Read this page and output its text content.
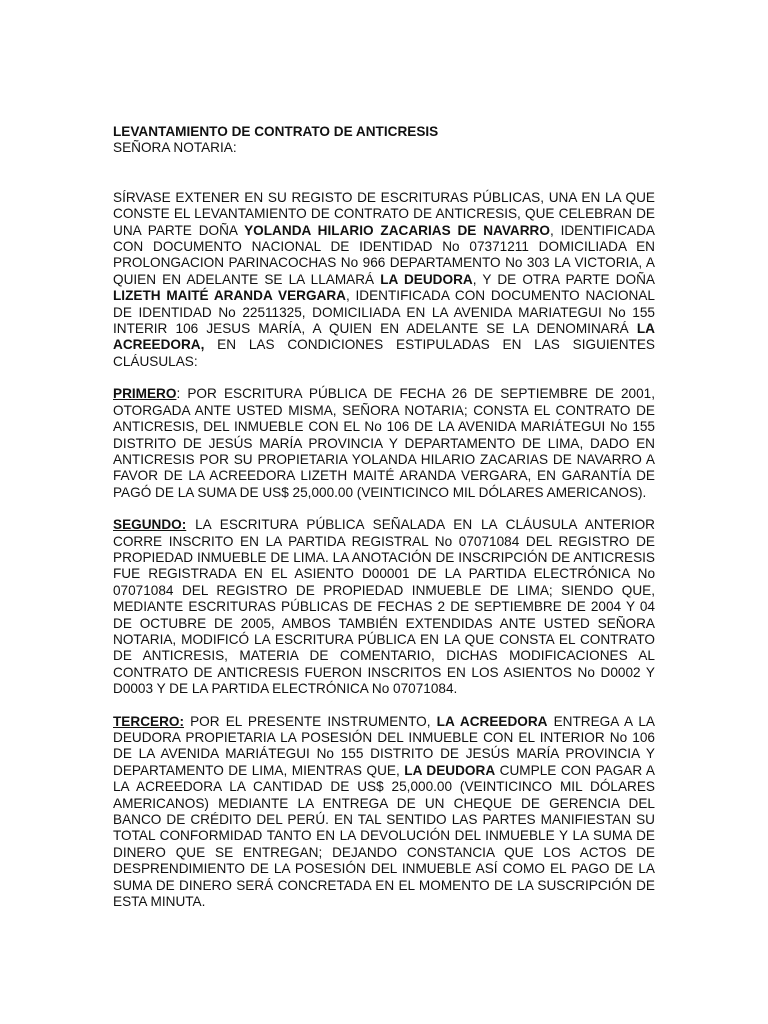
LEVANTAMIENTO DE CONTRATO DE ANTICRESIS
SEÑORA NOTARIA:

SÍRVASE EXTENER EN SU REGISTO DE ESCRITURAS PÚBLICAS, UNA EN LA QUE CONSTE EL LEVANTAMIENTO DE CONTRATO DE ANTICRESIS, QUE CELEBRAN DE UNA PARTE DOÑA YOLANDA HILARIO ZACARIAS DE NAVARRO, IDENTIFICADA CON DOCUMENTO NACIONAL DE IDENTIDAD No 07371211 DOMICILIADA EN PROLONGACION PARINACOCHAS No 966 DEPARTAMENTO No 303 LA VICTORIA, A QUIEN EN ADELANTE SE LA LLAMARÁ LA DEUDORA, Y DE OTRA PARTE DOÑA LIZETH MAITÉ ARANDA VERGARA, IDENTIFICADA CON DOCUMENTO NACIONAL DE IDENTIDAD No 22511325, DOMICILIADA EN LA AVENIDA MARIATEGUI No 155 INTERIR 106 JESUS MARÍA, A QUIEN EN ADELANTE SE LA DENOMINARÁ LA ACREEDORA, EN LAS CONDICIONES ESTIPULADAS EN LAS SIGUIENTES CLÁUSULAS:

PRIMERO: POR ESCRITURA PÚBLICA DE FECHA 26 DE SEPTIEMBRE DE 2001, OTORGADA ANTE USTED MISMA, SEÑORA NOTARIA; CONSTA EL CONTRATO DE ANTICRESIS, DEL INMUEBLE CON EL No 106 DE LA AVENIDA MARIÁTEGUI No 155 DISTRITO DE JESÚS MARÍA PROVINCIA Y DEPARTAMENTO DE LIMA, DADO EN ANTICRESIS POR SU PROPIETARIA YOLANDA HILARIO ZACARIAS DE NAVARRO A FAVOR DE LA ACREEDORA LIZETH MAITÉ ARANDA VERGARA, EN GARANTÍA DE PAGÓ DE LA SUMA DE US$ 25,000.00 (VEINTICINCO MIL DÓLARES AMERICANOS).

SEGUNDO: LA ESCRITURA PÚBLICA SEÑALADA EN LA CLÁUSULA ANTERIOR CORRE INSCRITO EN LA PARTIDA REGISTRAL No 07071084 DEL REGISTRO DE PROPIEDAD INMUEBLE DE LIMA. LA ANOTACIÓN DE INSCRIPCIÓN DE ANTICRESIS FUE REGISTRADA EN EL ASIENTO D00001 DE LA PARTIDA ELECTRÓNICA No 07071084 DEL REGISTRO DE PROPIEDAD INMUEBLE DE LIMA; SIENDO QUE, MEDIANTE ESCRITURAS PÚBLICAS DE FECHAS 2 DE SEPTIEMBRE DE 2004 Y 04 DE OCTUBRE DE 2005, AMBOS TAMBIÉN EXTENDIDAS ANTE USTED SEÑORA NOTARIA, MODIFICÓ LA ESCRITURA PÚBLICA EN LA QUE CONSTA EL CONTRATO DE ANTICRESIS, MATERIA DE COMENTARIO, DICHAS MODIFICACIONES AL CONTRATO DE ANTICRESIS FUERON INSCRITOS EN LOS ASIENTOS No D0002 Y D0003 Y DE LA PARTIDA ELECTRÓNICA No 07071084.

TERCERO: POR EL PRESENTE INSTRUMENTO, LA ACREEDORA ENTREGA A LA DEUDORA PROPIETARIA LA POSESIÓN DEL INMUEBLE CON EL INTERIOR No 106 DE LA AVENIDA MARIÁTEGUI No 155 DISTRITO DE JESÚS MARÍA PROVINCIA Y DEPARTAMENTO DE LIMA, MIENTRAS QUE, LA DEUDORA CUMPLE CON PAGAR A LA ACREEDORA LA CANTIDAD DE US$ 25,000.00 (VEINTICINCO MIL DÓLARES AMERICANOS) MEDIANTE LA ENTREGA DE UN CHEQUE DE GERENCIA DEL BANCO DE CRÉDITO DEL PERÚ. EN TAL SENTIDO LAS PARTES MANIFIESTAN SU TOTAL CONFORMIDAD TANTO EN LA DEVOLUCIÓN DEL INMUEBLE Y LA SUMA DE DINERO QUE SE ENTREGAN; DEJANDO CONSTANCIA QUE LOS ACTOS DE DESPRENDIMIENTO DE LA POSESIÓN DEL INMUEBLE ASÍ COMO EL PAGO DE LA SUMA DE DINERO SERÁ CONCRETADA EN EL MOMENTO DE LA SUSCRIPCIÓN DE ESTA MINUTA.
